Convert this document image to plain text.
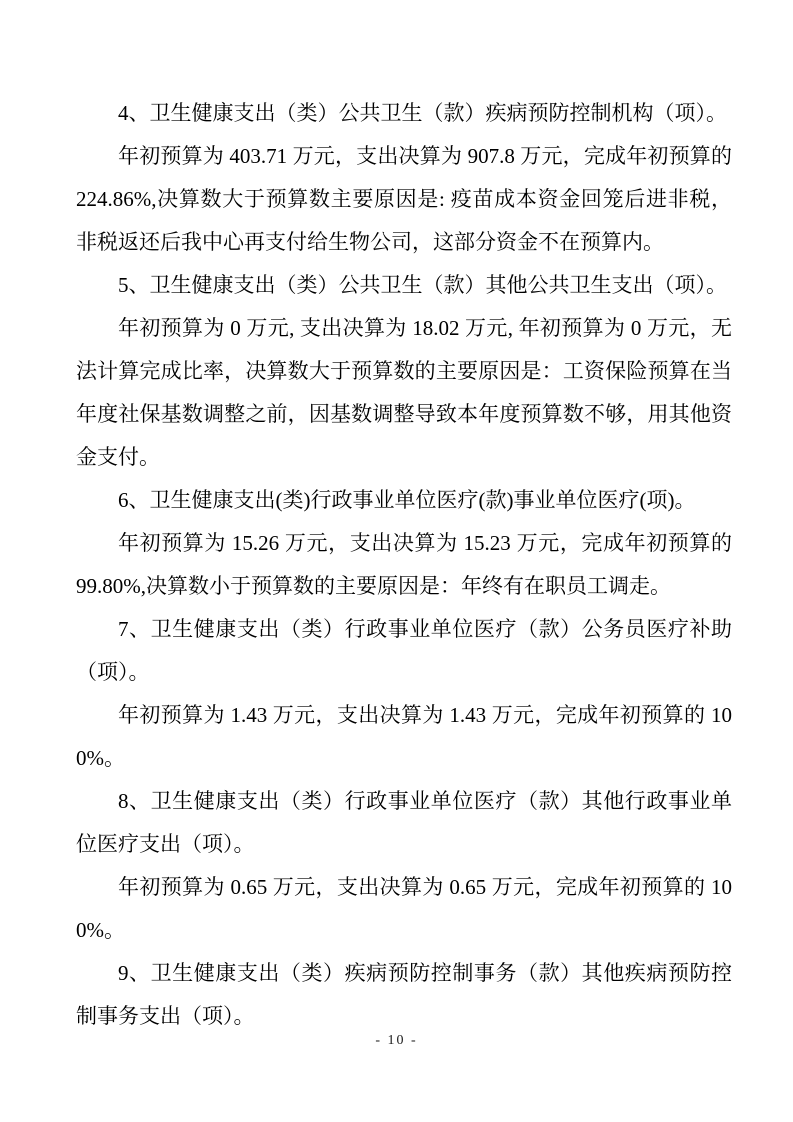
4、卫生健康支出（类）公共卫生（款）疾病预防控制机构（项）。

年初预算为 403.71 万元，支出决算为 907.8 万元，完成年初预算的 224.86%,决算数大于预算数主要原因是: 疫苗成本资金回笼后进非税，非税返还后我中心再支付给生物公司，这部分资金不在预算内。

5、卫生健康支出（类）公共卫生（款）其他公共卫生支出（项）。

年初预算为 0 万元, 支出决算为 18.02 万元, 年初预算为 0 万元，无法计算完成比率，决算数大于预算数的主要原因是：工资保险预算在当年度社保基数调整之前，因基数调整导致本年度预算数不够，用其他资金支付。

6、卫生健康支出(类)行政事业单位医疗(款)事业单位医疗(项)。

年初预算为 15.26 万元，支出决算为 15.23 万元，完成年初预算的 99.80%,决算数小于预算数的主要原因是：年终有在职员工调走。

7、卫生健康支出（类）行政事业单位医疗（款）公务员医疗补助（项）。

年初预算为 1.43 万元，支出决算为 1.43 万元，完成年初预算的 100%。

8、卫生健康支出（类）行政事业单位医疗（款）其他行政事业单位医疗支出（项）。

年初预算为 0.65 万元，支出决算为 0.65 万元，完成年初预算的 100%。

9、卫生健康支出（类）疾病预防控制事务（款）其他疾病预防控制事务支出（项）。

- 10 -
